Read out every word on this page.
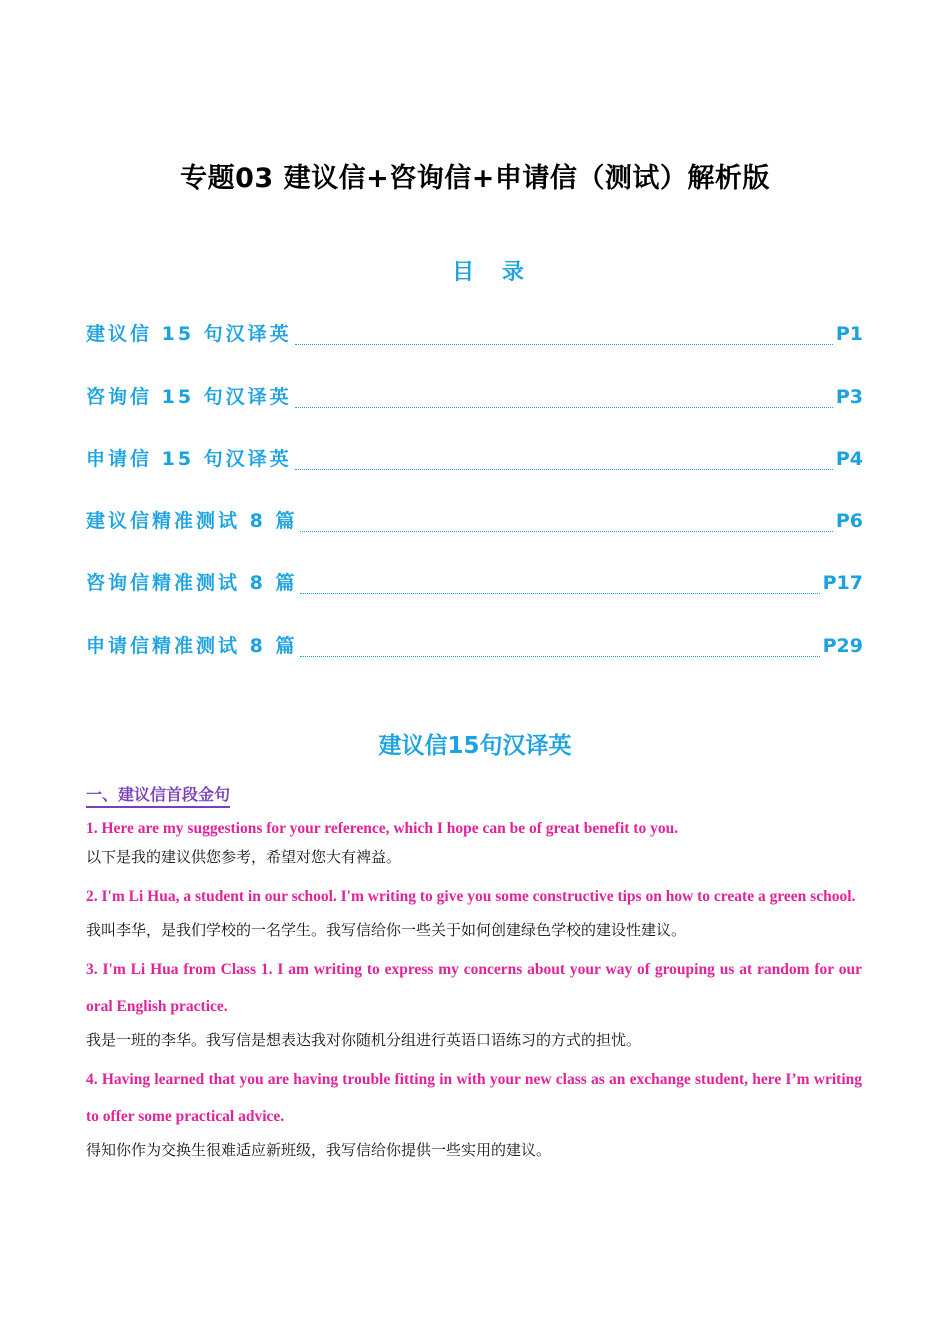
专题03 建议信+咨询信+申请信（测试）解析版
目 录
建议信 15 句汉译英	P1
咨询信 15 句汉译英	P3
申请信 15 句汉译英	P4
建议信精准测试 8 篇	P6
咨询信精准测试 8 篇	P17
申请信精准测试 8 篇	P29
建议信15句汉译英
一、建议信首段金句

1. Here are my suggestions for your reference, which I hope can be of great benefit to you.

以下是我的建议供您参考，希望对您大有裨益。

2. I'm Li Hua, a student in our school. I'm writing to give you some constructive tips on how to create a green school.

我叫李华，是我们学校的一名学生。我写信给你一些关于如何创建绿色学校的建设性建议。

3. I'm Li Hua from Class 1. I am writing to express my concerns about your way of grouping us at random for our oral English practice.

我是一班的李华。我写信是想表达我对你随机分组进行英语口语练习的方式的担忧。

4. Having learned that you are having trouble fitting in with your new class as an exchange student, here I’m writing to offer some practical advice.

得知你作为交换生很难适应新班级，我写信给你提供一些实用的建议。
